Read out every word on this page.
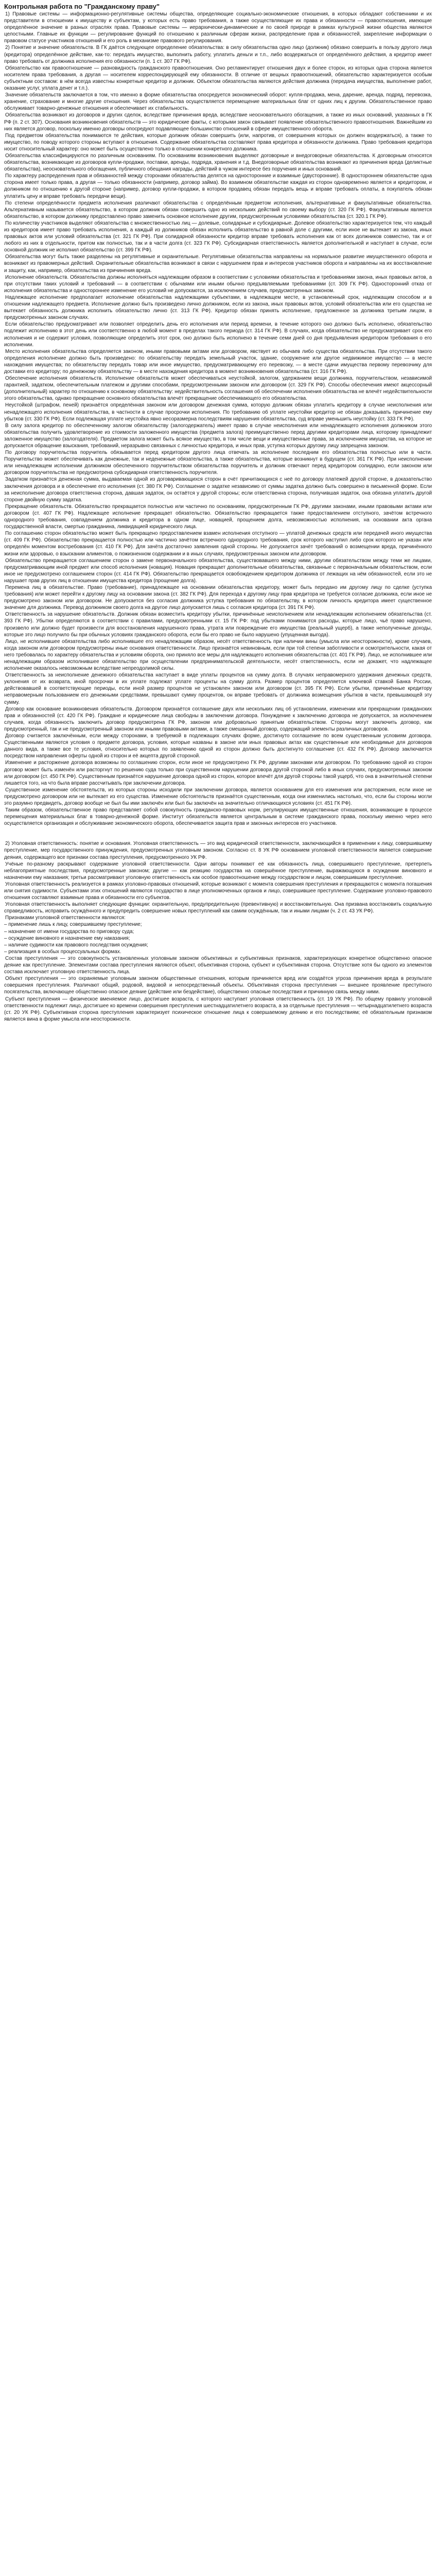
Контрольная работа по "Гражданскому праву"

1) Правовые системы — информационно-регулятивные системы общества, определяющие социально-экономические отношения, в которых обладают собственники и их представители в отношении к имуществу и субъектам, у которых есть право требования, а также осуществляющие их права и обязанности — правоотношения, имеющие определённое значение в разных отраслях права. Правовые системы — иерархически-динамические и по своей природе в рамках культурной жизни общества являются целостными. Главные их функции — регулирование функций по отношению к различным сферам жизни, распределение прав и обязанностей, закрепление информации о правовом статусе участников отношений и его роль в механизме правового регулирования.

2) Понятие и значение обязательств. В ГК даётся следующее определение обязательства: в силу обязательства одно лицо (должник) обязано совершить в пользу другого лица (кредитора) определённое действие, как-то: передать имущество, выполнить работу, уплатить деньги и т.п., либо воздержаться от определённого действия, а кредитор имеет право требовать от должника исполнения его обязанности (п. 1 ст. 307 ГК РФ).

Обязательство как правоотношение — разновидность гражданского правоотношения. Оно регламентирует отношения двух и более сторон, из которых одна сторона является носителем права требования, а другая — носителем корреспондирующей ему обязанности. В отличие от вещных правоотношений, обязательство характеризуется особым субъектным составом: в нём всегда известны конкретные кредитор и должник. Объектом обязательства являются действия должника (передача имущества, выполнение работ, оказание услуг, уплата денег и т.п.).

Значение обязательств заключается в том, что именно в форме обязательства опосредуется экономический оборот: купля-продажа, мена, дарение, аренда, подряд, перевозка, хранение, страхование и многие другие отношения. Через обязательства осуществляется перемещение материальных благ от одних лиц к другим. Обязательственное право обслуживает товарно-денежные отношения и обеспечивает их стабильность.

Обязательства возникают из договоров и других сделок, вследствие причинения вреда, вследствие неосновательного обогащения, а также из иных оснований, указанных в ГК РФ (п. 2 ст. 307). Основания возникновения обязательств — это юридические факты, с которыми закон связывает появление обязательственного правоотношения. Важнейшим из них является договор, поскольку именно договоры опосредуют подавляющее большинство отношений в сфере имущественного оборота.

Под предметом обязательства понимаются те действия, которые должник обязан совершить (или, напротив, от совершения которых он должен воздержаться), а также то имущество, по поводу которого стороны вступают в отношения. Содержание обязательства составляют права кредитора и обязанности должника. Право требования кредитора носит относительный характер: оно может быть осуществлено только в отношении конкретного должника.

Обязательства классифицируются по различным основаниям. По основаниям возникновения выделяют договорные и внедоговорные обязательства. К договорным относятся обязательства, возникающие из договоров купли-продажи, поставки, аренды, подряда, хранения и т.д. Внедоговорные обязательства возникают из причинения вреда (деликтные обязательства), неосновательного обогащения, публичного обещания награды, действий в чужом интересе без поручения и иных оснований.

По характеру распределения прав и обязанностей между сторонами обязательства делятся на односторонние и взаимные (двусторонние). В одностороннем обязательстве одна сторона имеет только права, а другая — только обязанности (например, договор займа). Во взаимном обязательстве каждая из сторон одновременно является и кредитором, и должником по отношению к другой стороне (например, договор купли-продажи, в котором продавец обязан передать вещь и вправе требовать оплаты, а покупатель обязан уплатить цену и вправе требовать передачи вещи).

По степени определённости предмета исполнения различают обязательства с определённым предметом исполнения, альтернативные и факультативные обязательства. Альтернативным называется обязательство, в котором должник обязан совершить одно из нескольких действий по своему выбору (ст. 320 ГК РФ). Факультативным является обязательство, в котором должнику предоставлено право заменить основное исполнение другим, предусмотренным условиями обязательства (ст. 320.1 ГК РФ).

По количеству участников выделяют обязательства с множественностью лиц — долевые, солидарные и субсидиарные. Долевое обязательство характеризуется тем, что каждый из кредиторов имеет право требовать исполнения, а каждый из должников обязан исполнить обязательство в равной доле с другими, если иное не вытекает из закона, иных правовых актов или условий обязательства (ст. 321 ГК РФ). При солидарной обязанности кредитор вправе требовать исполнения как от всех должников совместно, так и от любого из них в отдельности, притом как полностью, так и в части долга (ст. 323 ГК РФ). Субсидиарная ответственность является дополнительной и наступает в случае, если основной должник не исполнил обязательство (ст. 399 ГК РФ).

Обязательства могут быть также разделены на регулятивные и охранительные. Регулятивные обязательства направлены на нормальное развитие имущественного оборота и возникают из правомерных действий. Охранительные обязательства возникают в связи с нарушением прав и интересов участников оборота и направлены на их восстановление и защиту, как, например, обязательства из причинения вреда.

Исполнение обязательств. Обязательства должны исполняться надлежащим образом в соответствии с условиями обязательства и требованиями закона, иных правовых актов, а при отсутствии таких условий и требований — в соответствии с обычаями или иными обычно предъявляемыми требованиями (ст. 309 ГК РФ). Односторонний отказ от исполнения обязательства и одностороннее изменение его условий не допускаются, за исключением случаев, предусмотренных законом.

Надлежащее исполнение предполагает исполнение обязательства надлежащими субъектами, в надлежащем месте, в установленный срок, надлежащим способом и в отношении надлежащего предмета. Исполнение должно быть произведено лично должником, если из закона, иных правовых актов, условий обязательства или его существа не вытекает обязанность должника исполнить обязательство лично (ст. 313 ГК РФ). Кредитор обязан принять исполнение, предложенное за должника третьим лицом, в предусмотренных законом случаях.

Если обязательство предусматривает или позволяет определить день его исполнения или период времени, в течение которого оно должно быть исполнено, обязательство подлежит исполнению в этот день или соответственно в любой момент в пределах такого периода (ст. 314 ГК РФ). В случаях, когда обязательство не предусматривает срок его исполнения и не содержит условия, позволяющие определить этот срок, оно должно быть исполнено в течение семи дней со дня предъявления кредитором требования о его исполнении.

Место исполнения обязательства определяется законом, иными правовыми актами или договором, явствует из обычаев либо существа обязательства. При отсутствии такого определения исполнение должно быть произведено: по обязательству передать земельный участок, здание, сооружение или другое недвижимое имущество — в месте нахождения имущества; по обязательству передать товар или иное имущество, предусматривающему его перевозку, — в месте сдачи имущества первому перевозчику для доставки его кредитору; по денежному обязательству — в месте нахождения кредитора в момент возникновения обязательства (ст. 316 ГК РФ).

Обеспечение исполнения обязательств. Исполнение обязательств может обеспечиваться неустойкой, залогом, удержанием вещи должника, поручительством, независимой гарантией, задатком, обеспечительным платежом и другими способами, предусмотренными законом или договором (ст. 329 ГК РФ). Способы обеспечения имеют акцессорный (дополнительный) характер по отношению к основному обязательству: недействительность соглашения об обеспечении исполнения обязательства не влечёт недействительности этого обязательства, однако прекращение основного обязательства влечёт прекращение обеспечивающего его обязательства.

Неустойкой (штрафом, пеней) признаётся определённая законом или договором денежная сумма, которую должник обязан уплатить кредитору в случае неисполнения или ненадлежащего исполнения обязательства, в частности в случае просрочки исполнения. По требованию об уплате неустойки кредитор не обязан доказывать причинение ему убытков (ст. 330 ГК РФ). Если подлежащая уплате неустойка явно несоразмерна последствиям нарушения обязательства, суд вправе уменьшить неустойку (ст. 333 ГК РФ).

В силу залога кредитор по обеспеченному залогом обязательству (залогодержатель) имеет право в случае неисполнения или ненадлежащего исполнения должником этого обязательства получить удовлетворение из стоимости заложенного имущества (предмета залога) преимущественно перед другими кредиторами лица, которому принадлежит заложенное имущество (залогодателя). Предметом залога может быть всякое имущество, в том числе вещи и имущественные права, за исключением имущества, на которое не допускается обращение взыскания, требований, неразрывно связанных с личностью кредитора, и иных прав, уступка которых другому лицу запрещена законом.

По договору поручительства поручитель обязывается перед кредитором другого лица отвечать за исполнение последним его обязательства полностью или в части. Поручительство может обеспечивать как денежные, так и неденежные обязательства, а также обязательства, которые возникнут в будущем (ст. 361 ГК РФ). При неисполнении или ненадлежащем исполнении должником обеспеченного поручительством обязательства поручитель и должник отвечают перед кредитором солидарно, если законом или договором поручительства не предусмотрена субсидиарная ответственность поручителя.

Задатком признаётся денежная сумма, выдаваемая одной из договаривающихся сторон в счёт причитающихся с неё по договору платежей другой стороне, в доказательство заключения договора и в обеспечение его исполнения (ст. 380 ГК РФ). Соглашение о задатке независимо от суммы задатка должно быть совершено в письменной форме. Если за неисполнение договора ответственна сторона, давшая задаток, он остаётся у другой стороны; если ответственна сторона, получившая задаток, она обязана уплатить другой стороне двойную сумму задатка.

Прекращение обязательств. Обязательство прекращается полностью или частично по основаниям, предусмотренным ГК РФ, другими законами, иными правовыми актами или договором (ст. 407 ГК РФ). Надлежащее исполнение прекращает обязательство. Обязательство прекращается также предоставлением отступного, зачётом встречного однородного требования, совпадением должника и кредитора в одном лице, новацией, прощением долга, невозможностью исполнения, на основании акта органа государственной власти, смертью гражданина, ликвидацией юридического лица.

По соглашению сторон обязательство может быть прекращено предоставлением взамен исполнения отступного — уплатой денежных средств или передачей иного имущества (ст. 409 ГК РФ). Обязательство прекращается полностью или частично зачётом встречного однородного требования, срок которого наступил либо срок которого не указан или определён моментом востребования (ст. 410 ГК РФ). Для зачёта достаточно заявления одной стороны. Не допускается зачёт требований о возмещении вреда, причинённого жизни или здоровью, о взыскании алиментов, о пожизненном содержании и в иных случаях, предусмотренных законом или договором.

Обязательство прекращается соглашением сторон о замене первоначального обязательства, существовавшего между ними, другим обязательством между теми же лицами, предусматривающим иной предмет или способ исполнения (новация). Новация прекращает дополнительные обязательства, связанные с первоначальным обязательством, если иное не предусмотрено соглашением сторон (ст. 414 ГК РФ). Обязательство прекращается освобождением кредитором должника от лежащих на нём обязанностей, если это не нарушает прав других лиц в отношении имущества кредитора (прощение долга).

Перемена лиц в обязательстве. Право (требование), принадлежащее на основании обязательства кредитору, может быть передано им другому лицу по сделке (уступка требования) или может перейти к другому лицу на основании закона (ст. 382 ГК РФ). Для перехода к другому лицу прав кредитора не требуется согласие должника, если иное не предусмотрено законом или договором. Не допускается без согласия должника уступка требования по обязательству, в котором личность кредитора имеет существенное значение для должника. Перевод должником своего долга на другое лицо допускается лишь с согласия кредитора (ст. 391 ГК РФ).

Ответственность за нарушение обязательств. Должник обязан возместить кредитору убытки, причинённые неисполнением или ненадлежащим исполнением обязательства (ст. 393 ГК РФ). Убытки определяются в соответствии с правилами, предусмотренными ст. 15 ГК РФ: под убытками понимаются расходы, которые лицо, чьё право нарушено, произвело или должно будет произвести для восстановления нарушенного права, утрата или повреждение его имущества (реальный ущерб), а также неполученные доходы, которые это лицо получило бы при обычных условиях гражданского оборота, если бы его право не было нарушено (упущенная выгода).

Лицо, не исполнившее обязательства либо исполнившее его ненадлежащим образом, несёт ответственность при наличии вины (умысла или неосторожности), кроме случаев, когда законом или договором предусмотрены иные основания ответственности. Лицо признаётся невиновным, если при той степени заботливости и осмотрительности, какая от него требовалась по характеру обязательства и условиям оборота, оно приняло все меры для надлежащего исполнения обязательства (ст. 401 ГК РФ). Лицо, не исполнившее или ненадлежащим образом исполнившее обязательство при осуществлении предпринимательской деятельности, несёт ответственность, если не докажет, что надлежащее исполнение оказалось невозможным вследствие непреодолимой силы.

Ответственность за неисполнение денежного обязательства наступает в виде уплаты процентов на сумму долга. В случаях неправомерного удержания денежных средств, уклонения от их возврата, иной просрочки в их уплате подлежат уплате проценты на сумму долга. Размер процентов определяется ключевой ставкой Банка России, действовавшей в соответствующие периоды, если иной размер процентов не установлен законом или договором (ст. 395 ГК РФ). Если убытки, причинённые кредитору неправомерным пользованием его денежными средствами, превышают сумму процентов, он вправе требовать от должника возмещения убытков в части, превышающей эту сумму.

Договор как основание возникновения обязательств. Договором признаётся соглашение двух или нескольких лиц об установлении, изменении или прекращении гражданских прав и обязанностей (ст. 420 ГК РФ). Граждане и юридические лица свободны в заключении договора. Понуждение к заключению договора не допускается, за исключением случаев, когда обязанность заключить договор предусмотрена ГК РФ, законом или добровольно принятым обязательством. Стороны могут заключить договор, как предусмотренный, так и не предусмотренный законом или иными правовыми актами, а также смешанный договор, содержащий элементы различных договоров.

Договор считается заключённым, если между сторонами, в требуемой в подлежащих случаях форме, достигнуто соглашение по всем существенным условиям договора. Существенными являются условия о предмете договора, условия, которые названы в законе или иных правовых актах как существенные или необходимые для договоров данного вида, а также все те условия, относительно которых по заявлению одной из сторон должно быть достигнуто соглашение (ст. 432 ГК РФ). Договор заключается посредством направления оферты одной из сторон и её акцепта другой стороной.

Изменение и расторжение договора возможны по соглашению сторон, если иное не предусмотрено ГК РФ, другими законами или договором. По требованию одной из сторон договор может быть изменён или расторгнут по решению суда только при существенном нарушении договора другой стороной либо в иных случаях, предусмотренных законом или договором (ст. 450 ГК РФ). Существенным признаётся нарушение договора одной из сторон, которое влечёт для другой стороны такой ущерб, что она в значительной степени лишается того, на что была вправе рассчитывать при заключении договора.

Существенное изменение обстоятельств, из которых стороны исходили при заключении договора, является основанием для его изменения или расторжения, если иное не предусмотрено договором или не вытекает из его существа. Изменение обстоятельств признаётся существенным, когда они изменились настолько, что, если бы стороны могли это разумно предвидеть, договор вообще не был бы ими заключён или был бы заключён на значительно отличающихся условиях (ст. 451 ГК РФ).

Таким образом, обязательственное право представляет собой совокупность гражданско-правовых норм, регулирующих имущественные отношения, возникающие в процессе перемещения материальных благ в товарно-денежной форме. Институт обязательств является центральным в системе гражданского права, поскольку именно через него осуществляется организация и обслуживание экономического оборота, обеспечивается защита прав и законных интересов его участников.

2) Уголовная ответственность: понятие и основания. Уголовная ответственность — это вид юридической ответственности, заключающийся в применении к лицу, совершившему преступление, мер государственного принуждения, предусмотренных уголовным законом. Согласно ст. 8 УК РФ основанием уголовной ответственности является совершение деяния, содержащего все признаки состава преступления, предусмотренного УК РФ.

Учёные по-разному раскрывают содержание уголовной ответственности. Одни авторы понимают её как обязанность лица, совершившего преступление, претерпеть неблагоприятные последствия, предусмотренные законом; другие — как реакцию государства на совершённое преступление, выражающуюся в осуждении виновного и назначении ему наказания; третьи рассматривают уголовную ответственность как особое правоотношение между государством и лицом, совершившим преступление.

Уголовная ответственность реализуется в рамках уголовно-правовых отношений, которые возникают с момента совершения преступления и прекращаются с момента погашения или снятия судимости. Субъектами этих отношений являются государство в лице уполномоченных органов и лицо, совершившее преступление. Содержание уголовно-правового отношения составляют взаимные права и обязанности его субъектов.

Уголовная ответственность выполняет следующие функции: охранительную, предупредительную (превентивную) и восстановительную. Она призвана восстановить социальную справедливость, исправить осуждённого и предупредить совершение новых преступлений как самим осуждённым, так и иными лицами (ч. 2 ст. 43 УК РФ).

Признаками уголовной ответственности являются:

– применение лишь к лицу, совершившему преступление;
– назначение от имени государства по приговору суда;
– осуждение виновного и назначение ему наказания;
– наличие судимости как правового последствия осуждения;
– реализация в особых процессуальных формах.

Состав преступления — это совокупность установленных уголовным законом объективных и субъективных признаков, характеризующих конкретное общественно опасное деяние как преступление. Элементами состава преступления являются объект, объективная сторона, субъект и субъективная сторона. Отсутствие хотя бы одного из элементов состава исключает уголовную ответственность лица.

Объект преступления — это охраняемые уголовным законом общественные отношения, которым причиняется вред или создаётся угроза причинения вреда в результате совершения преступления. Различают общий, родовой, видовой и непосредственный объекты. Объективная сторона преступления — внешнее проявление преступного посягательства, включающее общественно опасное деяние (действие или бездействие), общественно опасные последствия и причинную связь между ними.

Субъект преступления — физическое вменяемое лицо, достигшее возраста, с которого наступает уголовная ответственность (ст. 19 УК РФ). По общему правилу уголовной ответственности подлежит лицо, достигшее ко времени совершения преступления шестнадцатилетнего возраста, а за отдельные преступления — четырнадцатилетнего возраста (ст. 20 УК РФ). Субъективная сторона преступления характеризует психическое отношение лица к совершаемому деянию и его последствиям; её обязательным признаком является вина в форме умысла или неосторожности.
